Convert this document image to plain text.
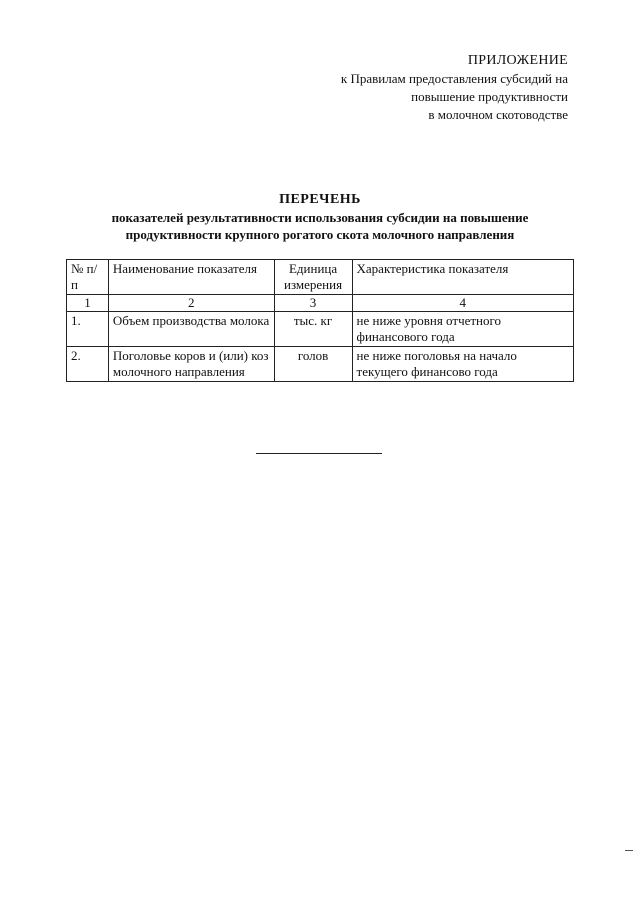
ПРИЛОЖЕНИЕ
к Правилам предоставления субсидий на
повышение продуктивности
в молочном скотоводстве
ПЕРЕЧЕНЬ
показателей результативности использования субсидии на повышение
продуктивности крупного рогатого скота молочного направления
№ п/п	Наименование показателя	Единица измерения	Характеристика показателя
1	2	3	4
1.	Объем производства молока	тыс. кг	не ниже уровня отчетного финансового года
2.	Поголовье коров и (или) коз молочного направления	голов	не ниже поголовья на начало текущего финансово года
